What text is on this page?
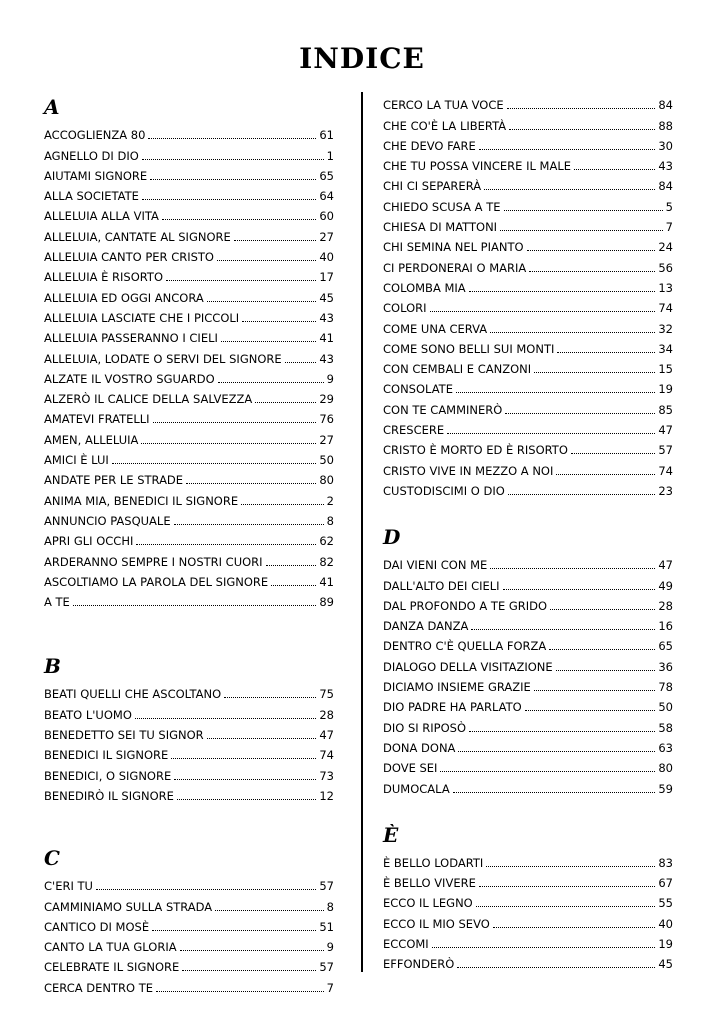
INDICE
A
ACCOGLIENZA 80	61
AGNELLO DI DIO	1
AIUTAMI SIGNORE	65
ALLA SOCIETATE	64
ALLELUIA ALLA VITA	60
ALLELUIA, CANTATE AL SIGNORE	27
ALLELUIA CANTO PER CRISTO	40
ALLELUIA È RISORTO	17
ALLELUIA ED OGGI ANCORA	45
ALLELUIA LASCIATE CHE I PICCOLI	43
ALLELUIA PASSERANNO I CIELI	41
ALLELUIA, LODATE O SERVI DEL SIGNORE	43
ALZATE IL VOSTRO SGUARDO	9
ALZERÒ IL CALICE DELLA SALVEZZA	29
AMATEVI FRATELLI	76
AMEN, ALLELUIA	27
AMICI È LUI	50
ANDATE PER LE STRADE	80
ANIMA MIA, BENEDICI IL SIGNORE	2
ANNUNCIO PASQUALE	8
APRI GLI OCCHI	62
ARDERANNO SEMPRE I NOSTRI CUORI	82
ASCOLTIAMO LA PAROLA DEL SIGNORE	41
A TE	89
B
BEATI QUELLI CHE ASCOLTANO	75
BEATO L'UOMO	28
BENEDETTO SEI TU SIGNOR	47
BENEDICI IL SIGNORE	74
BENEDICI, O SIGNORE	73
BENEDIRÒ IL SIGNORE	12
C
C'ERI TU	57
CAMMINIAMO SULLA STRADA	8
CANTICO DI MOSÈ	51
CANTO LA TUA GLORIA	9
CELEBRATE IL SIGNORE	57
CERCA DENTRO TE	7
CERCO LA TUA VOCE	84
CHE CO'È LA LIBERTÀ	88
CHE DEVO FARE	30
CHE TU POSSA VINCERE IL MALE	43
CHI CI SEPARERÀ	84
CHIEDO SCUSA A TE	5
CHIESA DI MATTONI	7
CHI SEMINA NEL PIANTO	24
CI PERDONERAI O MARIA	56
COLOMBA MIA	13
COLORI	74
COME UNA CERVA	32
COME SONO BELLI SUI MONTI	34
CON CEMBALI E CANZONI	15
CONSOLATE	19
CON TE CAMMINERÒ	85
CRESCERE	47
CRISTO È MORTO ED È RISORTO	57
CRISTO VIVE IN MEZZO A NOI	74
CUSTODISCIMI O DIO	23
D
DAI VIENI CON ME	47
DALL'ALTO DEI CIELI	49
DAL PROFONDO A TE GRIDO	28
DANZA DANZA	16
DENTRO C'È QUELLA FORZA	65
DIALOGO DELLA VISITAZIONE	36
DICIAMO INSIEME GRAZIE	78
DIO PADRE HA PARLATO	50
DIO SI RIPOSÒ	58
DONA DONA	63
DOVE SEI	80
DUMOCALA	59
È
È BELLO LODARTI	83
È BELLO VIVERE	67
ECCO IL LEGNO	55
ECCO IL MIO SEVO	40
ECCOMI	19
EFFONDERÒ	45
